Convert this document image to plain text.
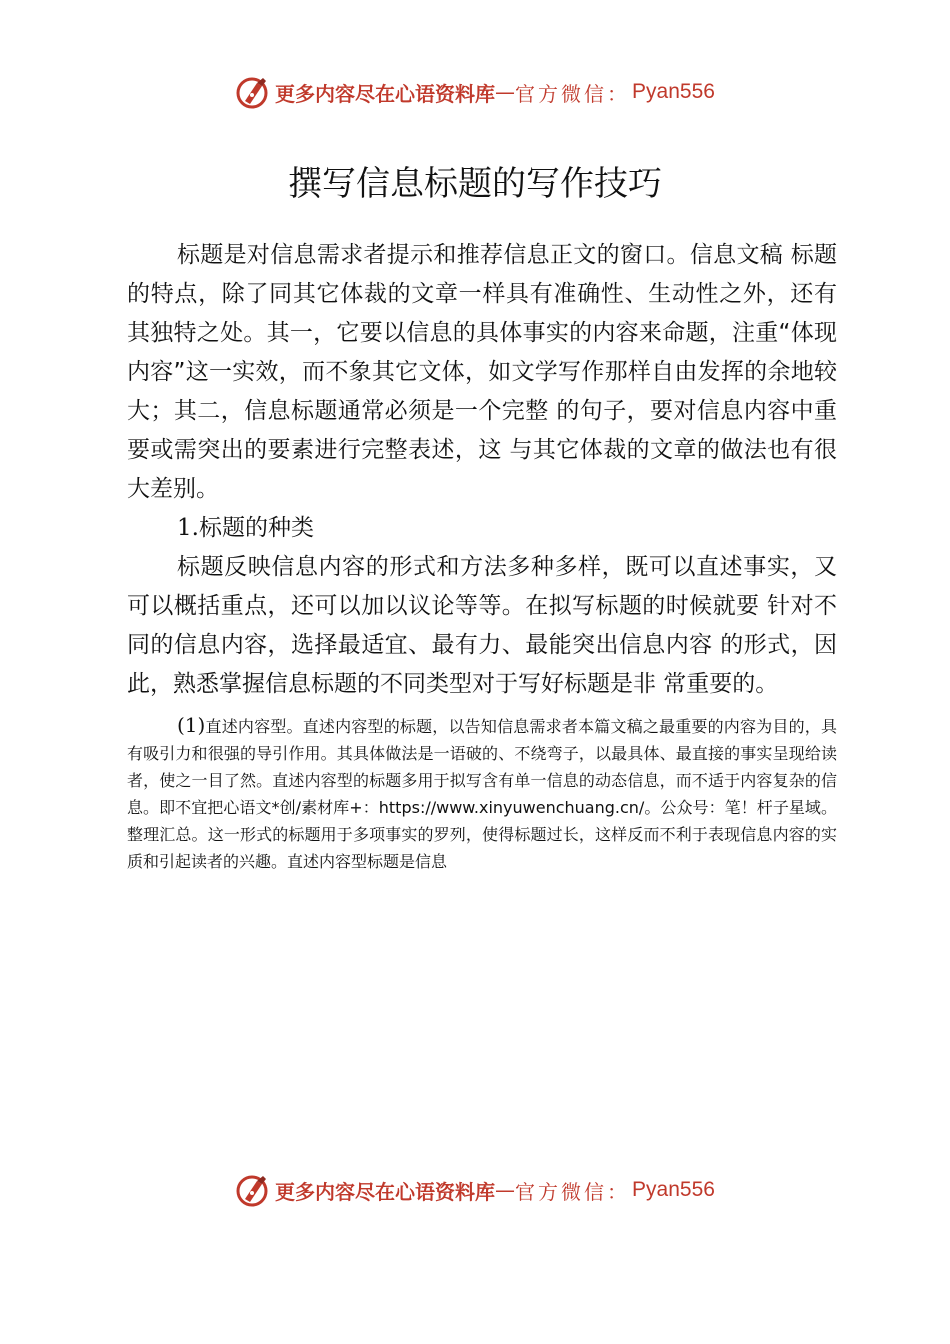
更多内容尽在心语资料库 — 官方微信： Pyan556
撰写信息标题的写作技巧

标题是对信息需求者提示和推荐信息正文的窗口。信息文稿 标题的特点，除了同其它体裁的文章一样具有准确性、生动性之外，还有其独特之处。其一，它要以信息的具体事实的内容来命题，注重“体现内容”这一实效，而不象其它文体，如文学写作那样自由发挥的余地较大；其二，信息标题通常必须是一个完整 的句子，要对信息内容中重要或需突出的要素进行完整表述，这 与其它体裁的文章的做法也有很大差别。

1.标题的种类

标题反映信息内容的形式和方法多种多样，既可以直述事实，又可以概括重点，还可以加以议论等等。在拟写标题的时候就要 针对不同的信息内容，选择最适宜、最有力、最能突出信息内容 的形式，因此，熟悉掌握信息标题的不同类型对于写好标题是非 常重要的。

(1)直述内容型。直述内容型的标题，以告知信息需求者本篇文稿之最重要的内容为目的，具有吸引力和很强的导引作用。其具体做法是一语破的、不绕弯子，以最具体、最直接的事实呈现给读者，使之一目了然。直述内容型的标题多用于拟写含有单一信息的动态信息，而不适于内容复杂的信息。即不宜把心语文*创/素材库+：https://www.xinyuwenchuang.cn/。公众号：笔！杆子星域。整理汇总。这一形式的标题用于多项事实的罗列，使得标题过长，这样反而不利于表现信息内容的实质和引起读者的兴趣。直述内容型标题是信息

更多内容尽在心语资料库 — 官方微信： Pyan556
